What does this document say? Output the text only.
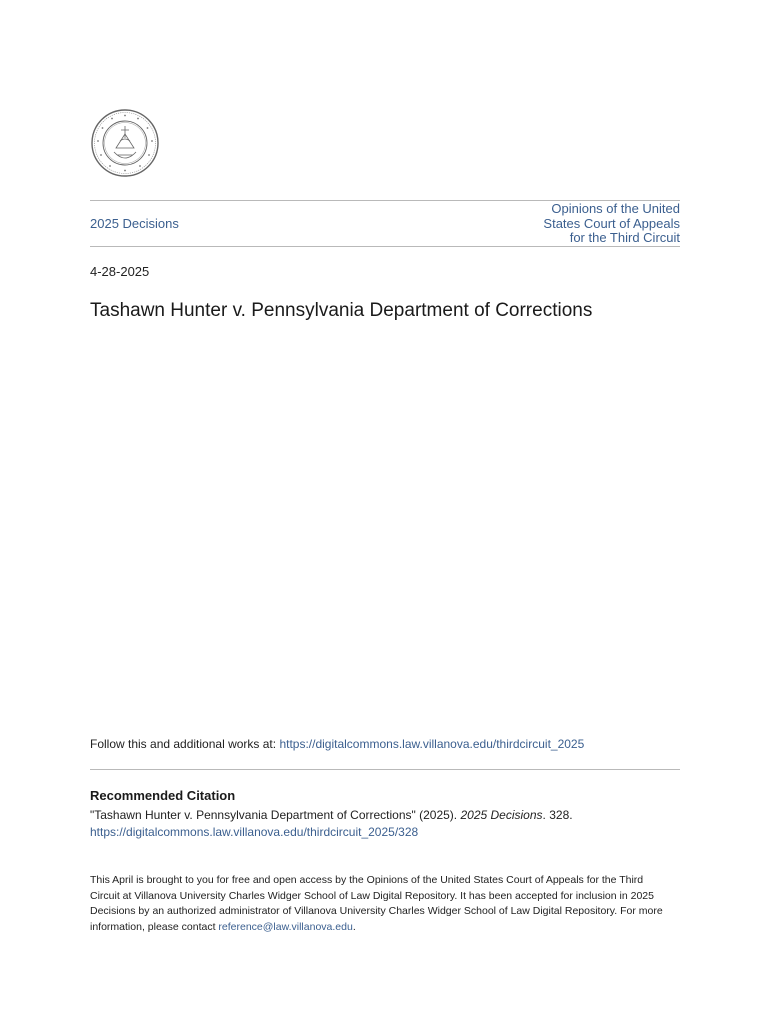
2025 Decisions
Opinions of the United
States Court of Appeals
for the Third Circuit
4-28-2025
Tashawn Hunter v. Pennsylvania Department of Corrections
Follow this and additional works at: https://digitalcommons.law.villanova.edu/thirdcircuit_2025
Recommended Citation
"Tashawn Hunter v. Pennsylvania Department of Corrections" (2025). 2025 Decisions. 328.
https://digitalcommons.law.villanova.edu/thirdcircuit_2025/328
This April is brought to you for free and open access by the Opinions of the United States Court of Appeals for the Third Circuit at Villanova University Charles Widger School of Law Digital Repository. It has been accepted for inclusion in 2025 Decisions by an authorized administrator of Villanova University Charles Widger School of Law Digital Repository. For more information, please contact reference@law.villanova.edu.
